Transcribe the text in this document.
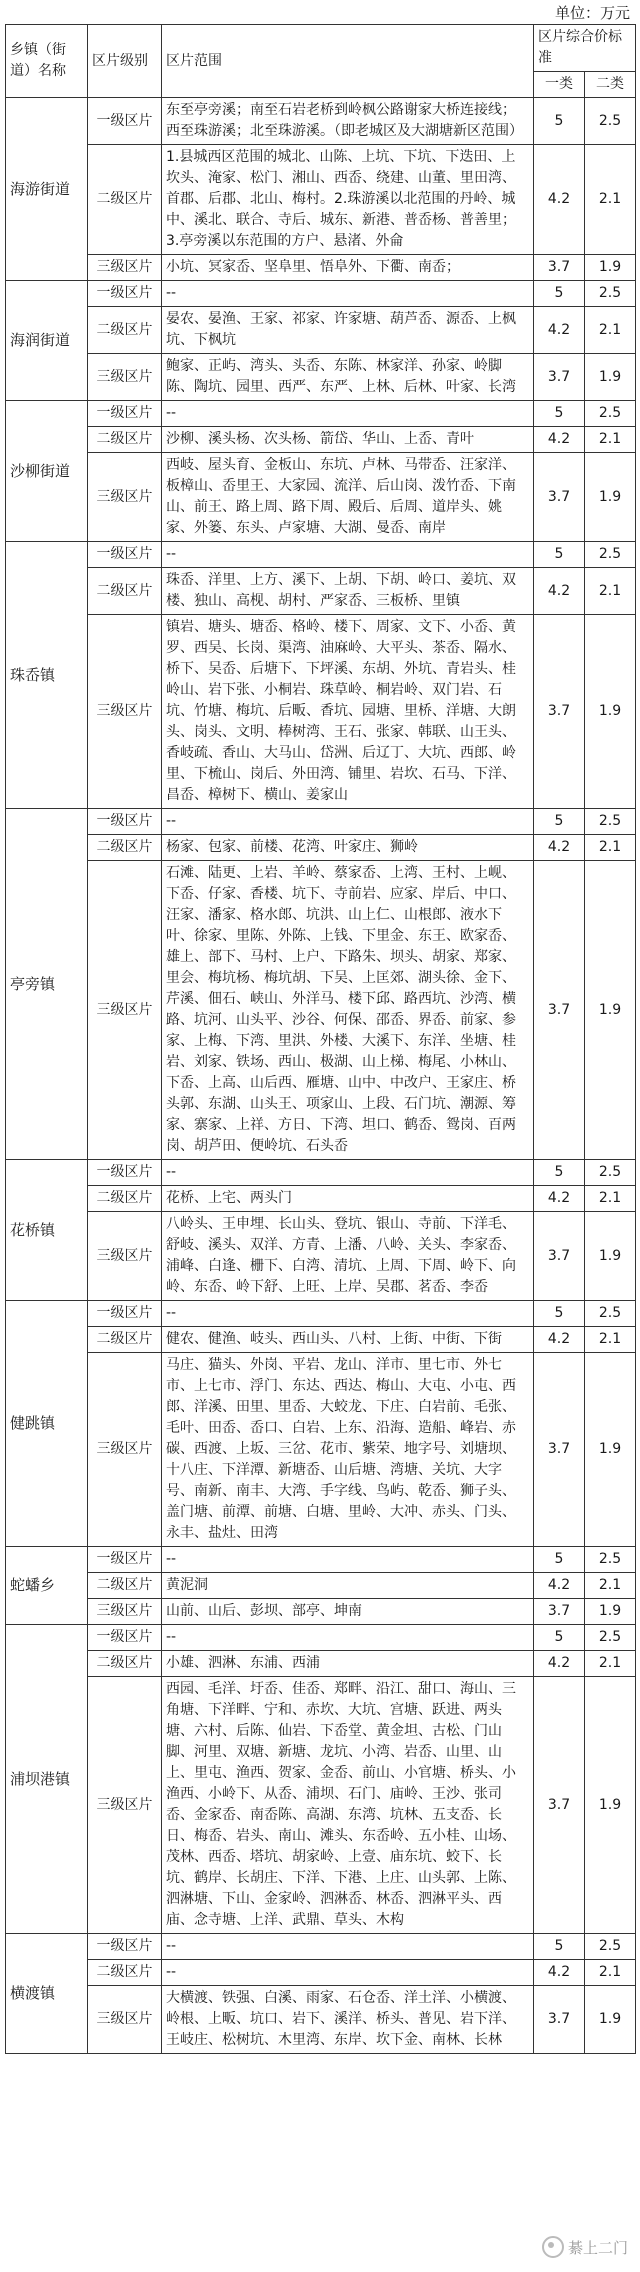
单位：万元
乡镇（街道）名称	区片级别	区片范围	区片综合价标准	
			一类	二类
海游街道	一级区片	东至亭旁溪；南至石岩老桥到岭枫公路谢家大桥连接线；西至珠游溪；北至珠游溪。（即老城区及大湖塘新区范围）	5	2.5
	二级区片	1.县城西区范围的城北、山陈、上坑、下坑、下迭田、上坎头、淹家、松门、湘山、西岙、绕建、山董、里田湾、首郡、后郡、北山、梅村。2.珠游溪以北范围的丹岭、城中、溪北、联合、寺后、城东、新港、普岙杨、普善里；3.亭旁溪以东范围的方户、悬渚、外侖	4.2	2.1
	三级区片	小坑、冥家岙、坚阜里、悟阜外、下衢、南岙；	3.7	1.9
海润街道	一级区片	--	5	2.5
	二级区片	晏农、晏渔、王家、祁家、许家塘、葫芦岙、源岙、上枫坑、下枫坑	4.2	2.1
	三级区片	鲍家、正屿、湾头、头岙、东陈、林家洋、孙家、岭脚陈、陶坑、园里、西严、东严、上林、后林、叶家、长湾	3.7	1.9
沙柳街道	一级区片	--	5	2.5
	二级区片	沙柳、溪头杨、次头杨、箭岱、华山、上岙、青叶	4.2	2.1
	三级区片	西岐、屋头育、金板山、东坑、卢林、马带岙、汪家洋、板樟山、岙里王、大家园、流洋、后山岗、泼竹岙、下南山、前王、路上周、路下周、殿后、后周、道岸头、姚家、外篓、东头、卢家塘、大湖、曼岙、南岸	3.7	1.9
珠岙镇	一级区片	--	5	2.5
	二级区片	珠岙、洋里、上方、溪下、上胡、下胡、岭口、姜坑、双楼、独山、高枧、胡村、严家岙、三板桥、里镇	4.2	2.1
	三级区片	镇岩、塘头、塘岙、格岭、楼下、周家、文下、小岙、黄罗、西吴、长岗、渠湾、油麻岭、大平头、茶岙、隔水、桥下、吴岙、后塘下、下坪溪、东胡、外坑、青岩头、桂岭山、岩下张、小桐岩、珠草岭、桐岩岭、双门岩、石坑、竹塘、梅坑、后畈、香坑、园塘、里桥、洋塘、大朗头、岗头、文明、棒树湾、王石、张家、韩联、山王头、香岐疏、香山、大马山、岱洲、后辽丁、大坑、西郎、岭里、下梳山、岗后、外田湾、铺里、岩坎、石马、下洋、昌岙、樟树下、横山、姜家山	3.7	1.9
亭旁镇	一级区片	--	5	2.5
	二级区片	杨家、包家、前楼、花湾、叶家庄、狮岭	4.2	2.1
	三级区片	石滩、陆更、上岩、羊岭、蔡家岙、上湾、王村、上岘、下岙、仔家、香楼、坑下、寺前岩、应家、岸后、中口、汪家、潘家、格水郎、坑洪、山上仁、山根郎、液水下叶、徐家、里陈、外陈、上钱、下里金、东王、欧家岙、雄上、部下、马村、上户、下路朱、坝头、胡家、郑家、里会、梅坑杨、梅坑胡、下吴、上匡郊、湖头徐、金下、芹溪、佃石、峡山、外洋马、楼下邱、路西坑、沙湾、横路、坑河、山头平、沙谷、何保、邵岙、界岙、前家、参家、上梅、下湾、里洪、外楼、大溪下、东洋、坐塘、桂岩、刘家、铁场、西山、极湖、山上梯、梅尾、小林山、下岙、上高、山后西、雁塘、山中、中改户、王家庄、桥头郭、东湖、山头王、项家山、上段、石门坑、潮源、筹家、寨家、上祥、方日、下湾、坦口、鹤岙、鸳岗、百两岗、胡芦田、便岭坑、石头岙	3.7	1.9
花桥镇	一级区片	--	5	2.5
	二级区片	花桥、上宅、两头门	4.2	2.1
	三级区片	八岭头、王申埋、长山头、登坑、银山、寺前、下洋毛、舒岐、溪头、双洋、方青、上潘、八岭、关头、李家岙、浦峰、白逢、栅下、白湾、清坑、上周、下周、岭下、向岭、东岙、岭下舒、上旺、上岸、吴郡、茗岙、李岙	3.7	1.9
健跳镇	一级区片	--	5	2.5
	二级区片	健农、健渔、岐头、西山头、八村、上街、中街、下街	4.2	2.1
	三级区片	马庄、猫头、外岗、平岩、龙山、洋市、里七市、外七市、上七市、浮门、东达、西达、梅山、大屯、小屯、西郎、洋溪、田里、里岙、大蛟龙、下庄、白岩前、毛张、毛叶、田岙、岙口、白岩、上东、沿海、造船、峰岩、赤碳、西渡、上坂、三岔、花市、紫荣、地字号、刘塘坝、十八庄、下洋潭、新塘岙、山后塘、湾塘、关坑、大字号、南新、南丰、大湾、手字线、鸟屿、乾岙、狮子头、盖门塘、前潭、前塘、白塘、里岭、大冲、赤头、门头、永丰、盐灶、田湾	3.7	1.9
蛇蟠乡	一级区片	--	5	2.5
	二级区片	黄泥洞	4.2	2.1
	三级区片	山前、山后、彭坝、部亭、坤南	3.7	1.9
浦坝港镇	一级区片	--	5	2.5
	二级区片	小雄、泗淋、东浦、西浦	4.2	2.1
	三级区片	西园、毛洋、圩岙、佳岙、郑畔、沿江、甜口、海山、三角塘、下洋畔、宁和、赤坎、大坑、宫塘、跃进、两头塘、六村、后陈、仙岩、下岙堂、黄金坦、古松、门山脚、河里、双塘、新塘、龙坑、小湾、岩岙、山里、山上、里屯、渔西、贺家、金岙、前山、小官塘、桥头、小渔西、小岭下、从岙、浦坝、石门、庙岭、王沙、张司岙、金家岙、南岙陈、高湖、东湾、坑林、五支岙、长日、梅岙、岩头、南山、滩头、东岙岭、五小桂、山场、茂林、西岙、塔坑、胡家岭、上壹、庙东坑、蛟下、长坑、鹤岸、长胡庄、下洋、下港、上庄、山头郭、上陈、泗淋塘、下山、金家岭、泗淋岙、林岙、泗淋平头、西庙、念寺塘、上洋、武鼎、草头、木构	3.7	1.9
横渡镇	一级区片	--	5	2.5
	二级区片	--	4.2	2.1
	三级区片	大横渡、铁强、白溪、雨家、石仓岙、洋土洋、小横渡、岭根、上畈、坑口、岩下、溪洋、桥头、普见、岩下洋、王岐庄、松树坑、木里湾、东岸、坎下金、南林、长林	3.7	1.9
綦上二门
